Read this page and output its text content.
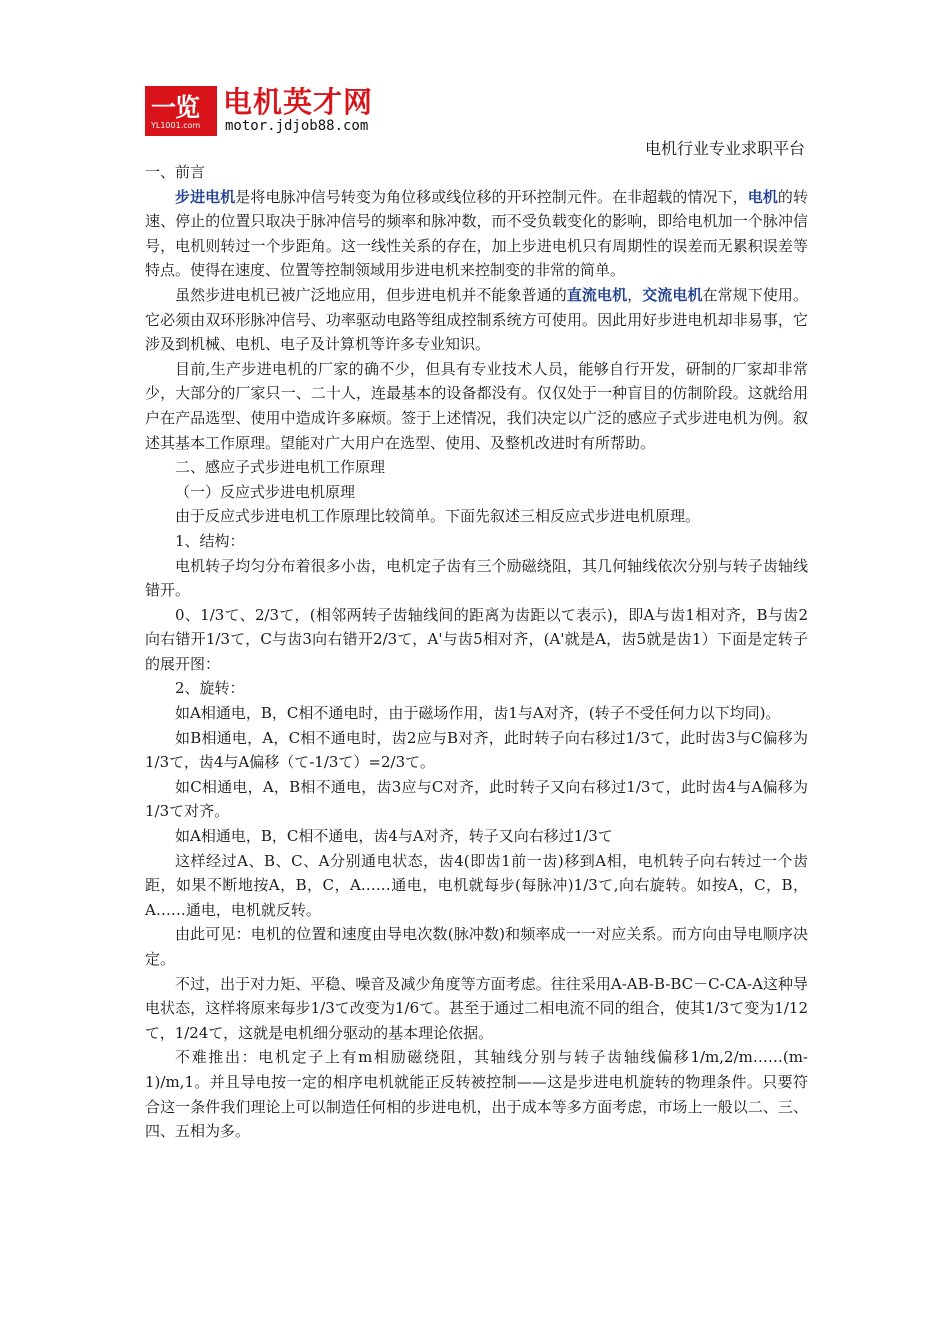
一览
YL1001.com
电机英才网
motor.jdjob88.com
电机行业专业求职平台

一、前言

步进电机是将电脉冲信号转变为角位移或线位移的开环控制元件。在非超载的情况下，电机的转速、停止的位置只取决于脉冲信号的频率和脉冲数，而不受负载变化的影响，即给电机加一个脉冲信号，电机则转过一个步距角。这一线性关系的存在，加上步进电机只有周期性的误差而无累积误差等特点。使得在速度、位置等控制领域用步进电机来控制变的非常的简单。

虽然步进电机已被广泛地应用，但步进电机并不能象普通的直流电机，交流电机在常规下使用。它必须由双环形脉冲信号、功率驱动电路等组成控制系统方可使用。因此用好步进电机却非易事，它涉及到机械、电机、电子及计算机等许多专业知识。

目前,生产步进电机的厂家的确不少，但具有专业技术人员，能够自行开发，研制的厂家却非常少，大部分的厂家只一、二十人，连最基本的设备都没有。仅仅处于一种盲目的仿制阶段。这就给用户在产品选型、使用中造成许多麻烦。签于上述情况，我们决定以广泛的感应子式步进电机为例。叙述其基本工作原理。望能对广大用户在选型、使用、及整机改进时有所帮助。

二、感应子式步进电机工作原理

（一）反应式步进电机原理

由于反应式步进电机工作原理比较简单。下面先叙述三相反应式步进电机原理。

1、结构：

电机转子均匀分布着很多小齿，电机定子齿有三个励磁绕阻，其几何轴线依次分别与转子齿轴线错开。

0、1/3て、2/3て，(相邻两转子齿轴线间的距离为齿距以て表示)，即A与齿1相对齐，B与齿2向右错开1/3て，C与齿3向右错开2/3て，A'与齿5相对齐，(A'就是A，齿5就是齿1）下面是定转子的展开图：

2、旋转：

如A相通电，B，C相不通电时，由于磁场作用，齿1与A对齐，(转子不受任何力以下均同)。

如B相通电，A，C相不通电时，齿2应与B对齐，此时转子向右移过1/3て，此时齿3与C偏移为1/3て，齿4与A偏移（て-1/3て）=2/3て。

如C相通电，A，B相不通电，齿3应与C对齐，此时转子又向右移过1/3て，此时齿4与A偏移为1/3て对齐。

如A相通电，B，C相不通电，齿4与A对齐，转子又向右移过1/3て

这样经过A、B、C、A分别通电状态，齿4(即齿1前一齿)移到A相，电机转子向右转过一个齿距，如果不断地按A，B，C，A……通电，电机就每步(每脉冲)1/3て,向右旋转。如按A，C，B，A……通电，电机就反转。

由此可见：电机的位置和速度由导电次数(脉冲数)和频率成一一对应关系。而方向由导电顺序决定。

不过，出于对力矩、平稳、噪音及减少角度等方面考虑。往往采用A-AB-B-BC－C-CA-A这种导电状态，这样将原来每步1/3て改变为1/6て。甚至于通过二相电流不同的组合，使其1/3て变为1/12て，1/24て，这就是电机细分驱动的基本理论依据。

不难推出：电机定子上有m相励磁绕阻，其轴线分别与转子齿轴线偏移1/m,2/m……(m-1)/m,1。并且导电按一定的相序电机就能正反转被控制——这是步进电机旋转的物理条件。只要符合这一条件我们理论上可以制造任何相的步进电机，出于成本等多方面考虑，市场上一般以二、三、四、五相为多。
